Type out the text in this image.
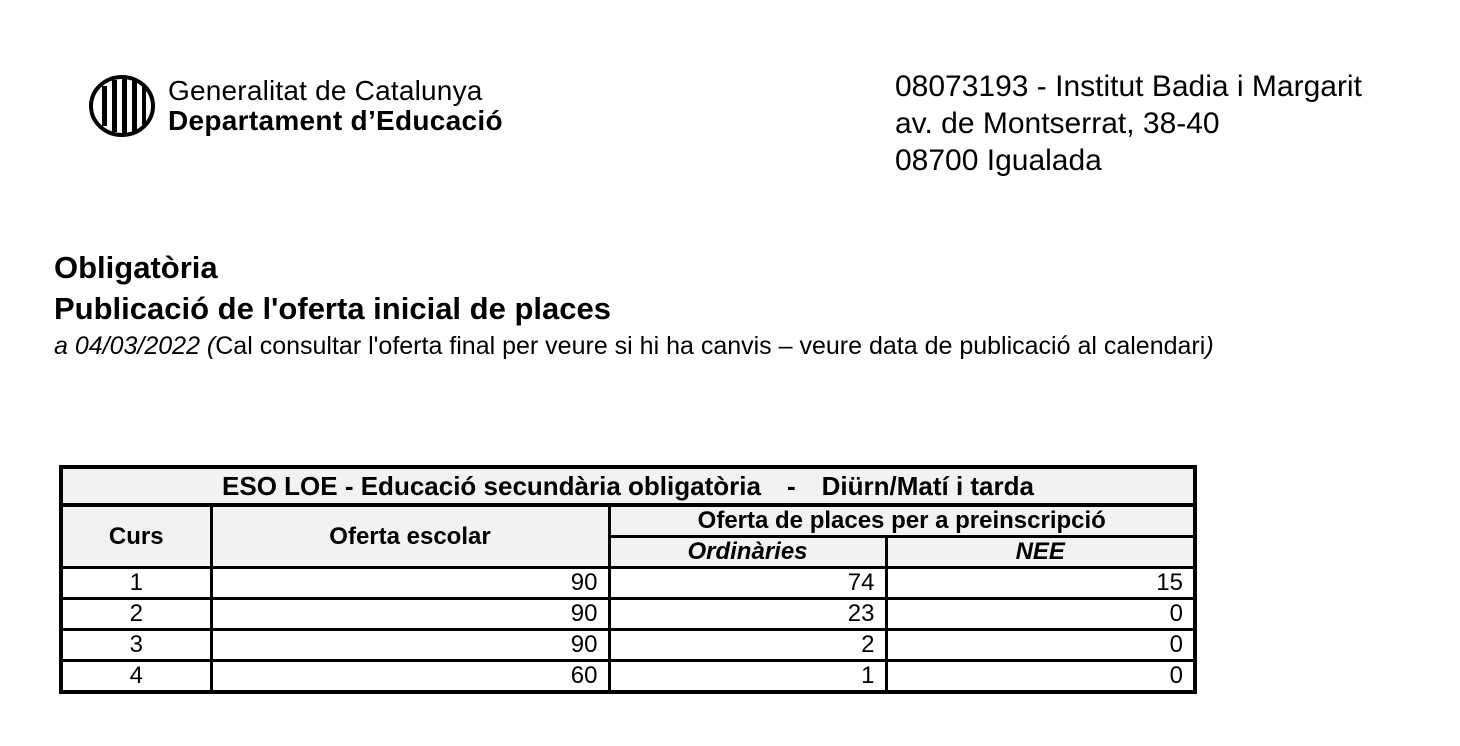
Generalitat de Catalunya
Departament d’Educació
08073193 - Institut Badia i Margarit
av. de Montserrat, 38-40
08700 Igualada
Obligatòria
Publicació de l'oferta inicial de places
a 04/03/2022 (Cal consultar l'oferta final per veure si hi ha canvis – veure data de publicació al calendari)
ESO LOE - Educació secundària obligatòria - Diürn/Matí i tarda			
Curs	Oferta escolar	Oferta de places per a preinscripció	
		Ordinàries	NEE
1	90	74	15
2	90	23	0
3	90	2	0
4	60	1	0
